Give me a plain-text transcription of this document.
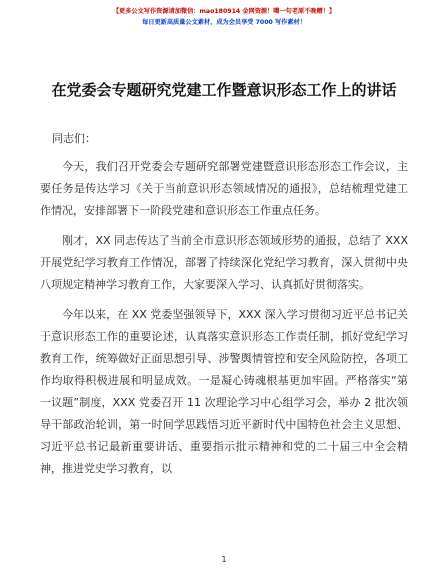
【更多公文写作资源请加微信：mao180914 金网资源！噶一句老原不晚赠！】
每日更新高质量公文素材，成为会员享受 7000 写作素材！
在党委会专题研究党建工作暨意识形态工作上的讲话
同志们：

今天，我们召开党委会专题研究部署党建暨意识形态形态工作会议，主要任务是传达学习《关于当前意识形态领域情况的通报》，总结梳理党建工作情况，安排部署下一阶段党建和意识形态工作重点任务。

刚才，XX 同志传达了当前全市意识形态领域形势的通报，总结了 XXX 开展党纪学习教育工作情况，部署了持续深化党纪学习教育，深入贯彻中央八项规定精神学习教育工作，大家要深入学习、认真抓好贯彻落实。

今年以来，在 XX 党委坚强领导下，XXX 深入学习贯彻习近平总书记关于意识形态工作的重要论述，认真落实意识形态工作责任制，抓好党纪学习教育工作，统筹做好正面思想引导、涉警舆情管控和安全风险防控，各项工作均取得积极进展和明显成效。一是凝心铸魂根基更加牢固。严格落实“第一议题”制度，XXX 党委召开 11 次理论学习中心组学习会，举办 2 批次领导干部政治轮训，第一时间学思践悟习近平新时代中国特色社会主义思想、习近平总书记最新重要讲话、重要指示批示精神和党的二十届三中全会精神，推进党史学习教育，以

1
